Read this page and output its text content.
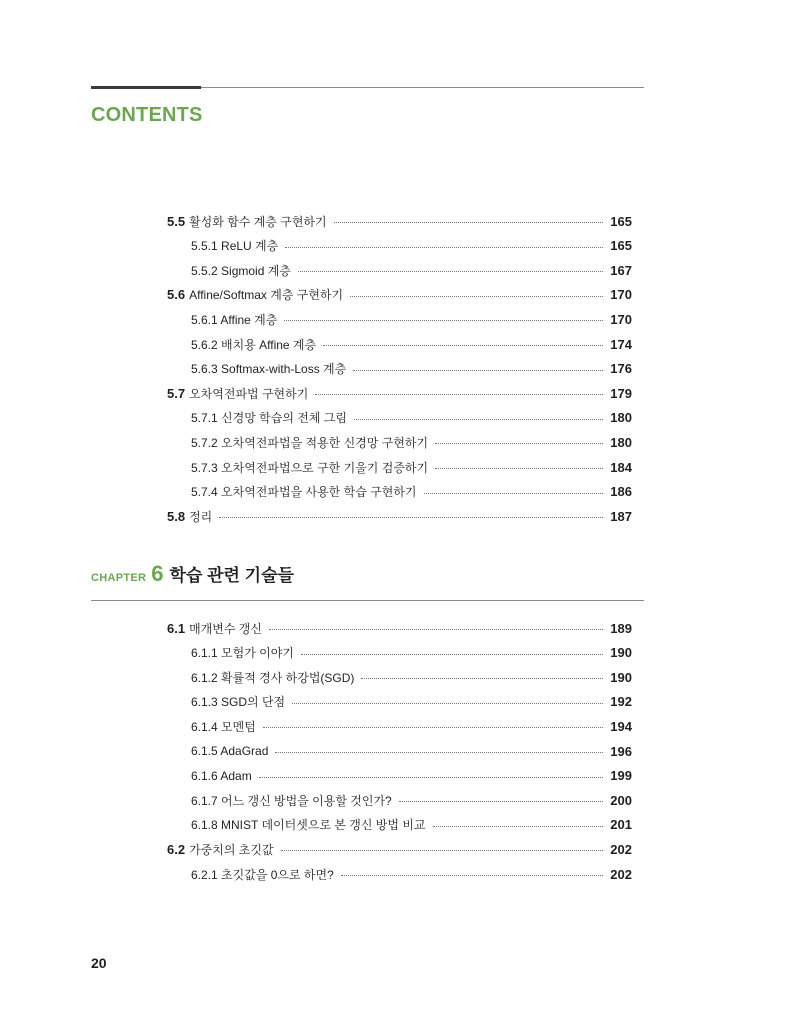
CONTENTS
5.5 활성화 함수 계층 구현하기	165
5.5.1 ReLU 계층	165
5.5.2 Sigmoid 계층	167
5.6 Affine/Softmax 계층 구현하기	170
5.6.1 Affine 계층	170
5.6.2 배치용 Affine 계층	174
5.6.3 Softmax-with-Loss 계층	176
5.7 오차역전파법 구현하기	179
5.7.1 신경망 학습의 전체 그림	180
5.7.2 오차역전파법을 적용한 신경망 구현하기	180
5.7.3 오차역전파법으로 구한 기울기 검증하기	184
5.7.4 오차역전파법을 사용한 학습 구현하기	186
5.8 정리	187
CHAPTER 6 학습 관련 기술들
6.1 매개변수 갱신	189
6.1.1 모험가 이야기	190
6.1.2 확률적 경사 하강법(SGD)	190
6.1.3 SGD의 단점	192
6.1.4 모멘텀	194
6.1.5 AdaGrad	196
6.1.6 Adam	199
6.1.7 어느 갱신 방법을 이용할 것인가?	200
6.1.8 MNIST 데이터셋으로 본 갱신 방법 비교	201
6.2 가중치의 초깃값	202
6.2.1 초깃값을 0으로 하면?	202
20
